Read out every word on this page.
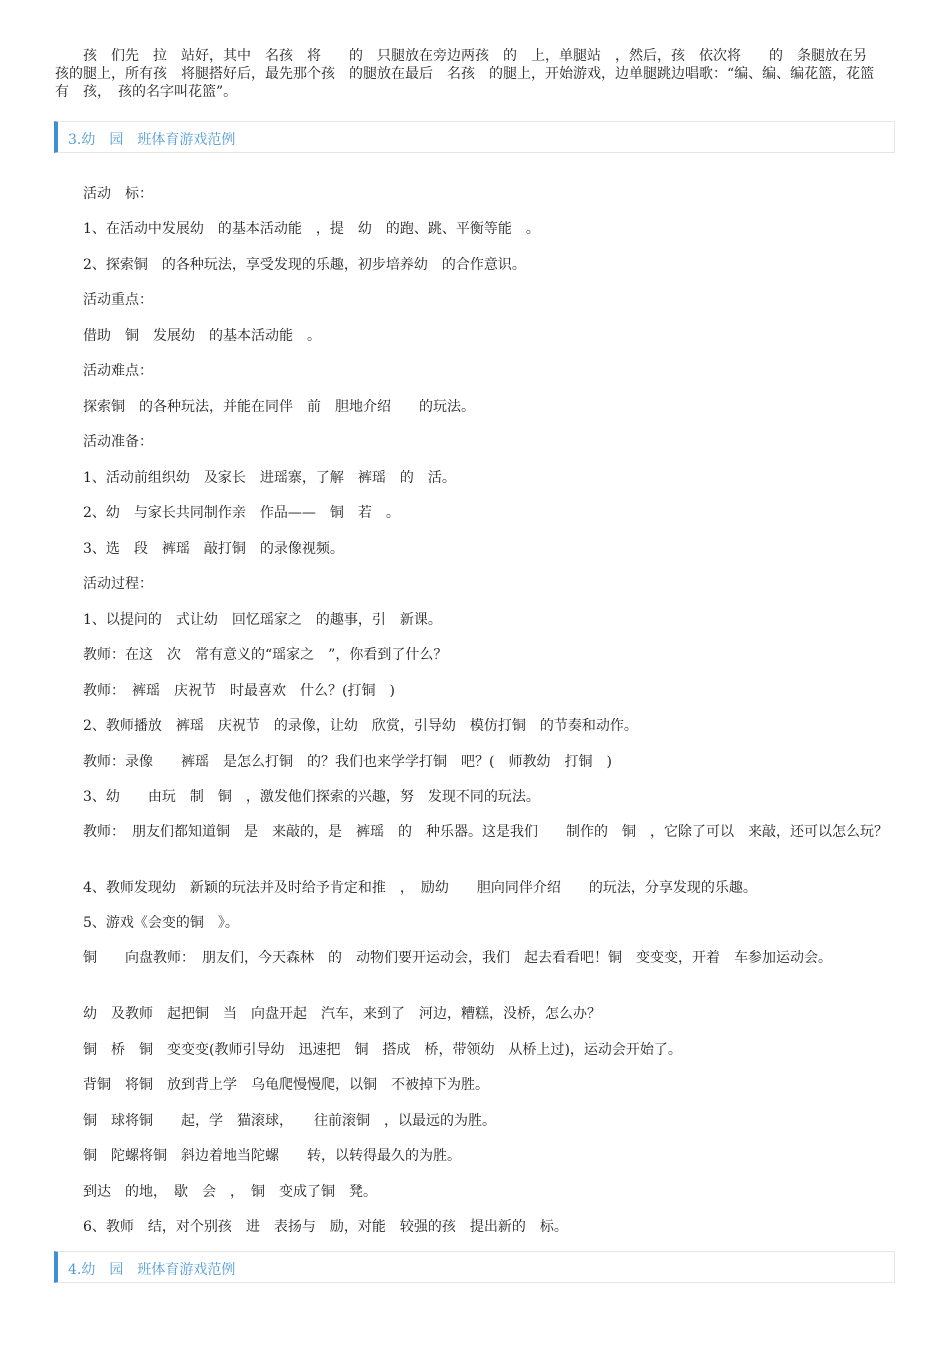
孩　们先　拉　站好，其中　名孩　将　　的　只腿放在旁边两孩　的　上，单腿站　，然后，孩　依次将　　的　条腿放在另　　孩的腿上，所有孩　将腿搭好后，最先那个孩　的腿放在最后　名孩　的腿上，开始游戏，边单腿跳边唱歌：“编、编、编花篮，花篮　　有　孩，　孩的名字叫花篮”。

3.幼　园　班体育游戏范例

活动　标：

1、在活动中发展幼　的基本活动能　，提　幼　的跑、跳、平衡等能　。

2、探索铜　的各种玩法，享受发现的乐趣，初步培养幼　的合作意识。

活动重点：

借助　铜　发展幼　的基本活动能　。

活动难点：

探索铜　的各种玩法，并能在同伴　前　胆地介绍　　的玩法。

活动准备：

1、活动前组织幼　及家长　进瑶寨，了解　裤瑶　的　活。

2、幼　与家长共同制作亲　作品——　铜　若　。

3、选　段　裤瑶　敲打铜　的录像视频。

活动过程：

1、以提问的　式让幼　回忆瑶家之　的趣事，引　新课。

教师：在这　次　常有意义的“瑶家之　”，你看到了什么？

教师：　裤瑶　庆祝节　时最喜欢　什么？(打铜　)

2、教师播放　裤瑶　庆祝节　的录像，让幼　欣赏，引导幼　模仿打铜　的节奏和动作。

教师：录像　　裤瑶　是怎么打铜　的？我们也来学学打铜　吧？(　师教幼　打铜　)

3、幼　　由玩　制　铜　，激发他们探索的兴趣，努　发现不同的玩法。

教师：　朋友们都知道铜　是　来敲的，是　裤瑶　的　种乐器。这是我们　　制作的　铜　，它除了可以　来敲，还可以怎么玩？

4、教师发现幼　新颖的玩法并及时给予肯定和推　，　励幼　　胆向同伴介绍　　的玩法，分享发现的乐趣。

5、游戏《会变的铜　》。

铜　　向盘教师：　朋友们，今天森林　的　动物们要开运动会，我们　起去看看吧！铜　变变变，开着　车参加运动会。

幼　及教师　起把铜　当　向盘开起　汽车，来到了　河边，糟糕，没桥，怎么办？

铜　桥　铜　变变变(教师引导幼　迅速把　铜　搭成　桥，带领幼　从桥上过)，运动会开始了。

背铜　将铜　放到背上学　乌龟爬慢慢爬，以铜　不被掉下为胜。

铜　球将铜　　起，学　猫滚球，　　往前滚铜　，以最远的为胜。

铜　陀螺将铜　斜边着地当陀螺　　转，以转得最久的为胜。

到达　的地，　歇　会　，　铜　变成了铜　凳。

6、教师　结，对个别孩　进　表扬与　励，对能　较强的孩　提出新的　标。

4.幼　园　班体育游戏范例
